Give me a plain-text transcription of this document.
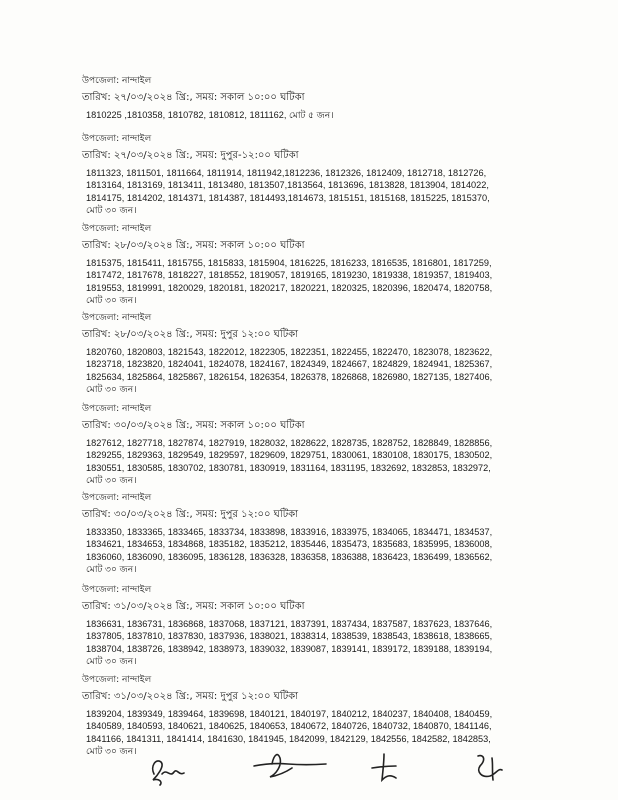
উপজেলা: নান্দাইল
তারিখ: ২৭/০৩/২০২৪ খ্রি:, সময়: সকাল ১০:০০ ঘটিকা
1810225 ,1810358, 1810782, 1810812, 1811162, মোট ৫ জন।
উপজেলা: নান্দাইল
তারিখ: ২৭/০৩/২০২৪ খ্রি:, সময়: দুপুর-১২:০০ ঘটিকা
1811323, 1811501, 1811664, 1811914, 1811942,1812236, 1812326, 1812409, 1812718, 1812726,
1813164, 1813169, 1813411, 1813480, 1813507,1813564, 1813696, 1813828, 1813904, 1814022,
1814175, 1814202, 1814371, 1814387, 1814493,1814673, 1815151, 1815168, 1815225, 1815370,
মোট ৩০ জন।
উপজেলা: নান্দাইল
তারিখ: ২৮/০৩/২০২৪ খ্রি:, সময়: সকাল ১০:০০ ঘটিকা
1815375, 1815411, 1815755, 1815833, 1815904, 1816225, 1816233, 1816535, 1816801, 1817259,
1817472, 1817678, 1818227, 1818552, 1819057, 1819165, 1819230, 1819338, 1819357, 1819403,
1819553, 1819991, 1820029, 1820181, 1820217, 1820221, 1820325, 1820396, 1820474, 1820758,
মোট ৩০ জন।
উপজেলা: নান্দাইল
তারিখ: ২৮/০৩/২০২৪ খ্রি:, সময়: দুপুর ১২:০০ ঘটিকা
1820760, 1820803, 1821543, 1822012, 1822305, 1822351, 1822455, 1822470, 1823078, 1823622,
1823718, 1823820, 1824041, 1824078, 1824167, 1824349, 1824667, 1824829, 1824941, 1825367,
1825634, 1825864, 1825867, 1826154, 1826354, 1826378, 1826868, 1826980, 1827135, 1827406,
মোট ৩০ জন।
উপজেলা: নান্দাইল
তারিখ: ৩০/০৩/২০২৪ খ্রি:, সময়: সকাল ১০:০০ ঘটিকা
1827612, 1827718, 1827874, 1827919, 1828032, 1828622, 1828735, 1828752, 1828849, 1828856,
1829255, 1829363, 1829549, 1829597, 1829609, 1829751, 1830061, 1830108, 1830175, 1830502,
1830551, 1830585, 1830702, 1830781, 1830919, 1831164, 1831195, 1832692, 1832853, 1832972,
মোট ৩০ জন।
উপজেলা: নান্দাইল
তারিখ: ৩০/০৩/২০২৪ খ্রি:, সময়: দুপুর ১২:০০ ঘটিকা
1833350, 1833365, 1833465, 1833734, 1833898, 1833916, 1833975, 1834065, 1834471, 1834537,
1834621, 1834653, 1834868, 1835182, 1835212, 1835446, 1835473, 1835683, 1835995, 1836008,
1836060, 1836090, 1836095, 1836128, 1836328, 1836358, 1836388, 1836423, 1836499, 1836562,
মোট ৩০ জন।
উপজেলা: নান্দাইল
তারিখ: ৩১/০৩/২০২৪ খ্রি:, সময়: সকাল ১০:০০ ঘটিকা
1836631, 1836731, 1836868, 1837068, 1837121, 1837391, 1837434, 1837587, 1837623, 1837646,
1837805, 1837810, 1837830, 1837936, 1838021, 1838314, 1838539, 1838543, 1838618, 1838665,
1838704, 1838726, 1838942, 1838973, 1839032, 1839087, 1839141, 1839172, 1839188, 1839194,
মোট ৩০ জন।
উপজেলা: নান্দাইল
তারিখ: ৩১/০৩/২০২৪ খ্রি:, সময়: দুপুর ১২:০০ ঘটিকা
1839204, 1839349, 1839464, 1839698, 1840121, 1840197, 1840212, 1840237, 1840408, 1840459,
1840589, 1840593, 1840621, 1840625, 1840653, 1840672, 1840726, 1840732, 1840870, 1841146,
1841166, 1841311, 1841414, 1841630, 1841945, 1842099, 1842129, 1842556, 1842582, 1842853,
মোট ৩০ জন।
